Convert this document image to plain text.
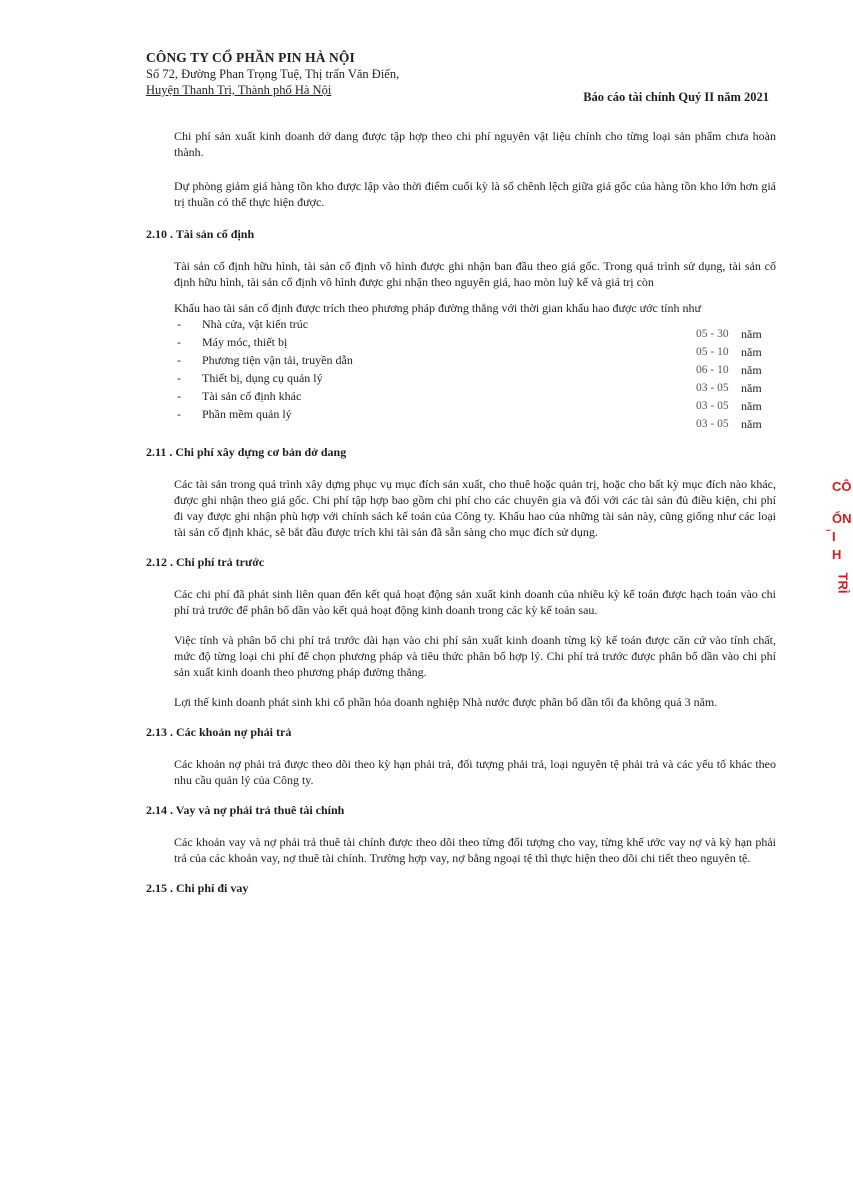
CÔNG TY CỔ PHẦN PIN HÀ NỘI
Số 72, Đường Phan Trọng Tuệ, Thị trấn Văn Điển,
Huyện Thanh Trì, Thành phố Hà Nội	Báo cáo tài chính Quý II năm 2021

Chi phí sản xuất kinh doanh dở dang được tập hợp theo chi phí nguyên vật liệu chính cho từng loại sản phẩm chưa hoàn thành.

Dự phòng giảm giá hàng tồn kho được lập vào thời điểm cuối kỳ là số chênh lệch giữa giá gốc của hàng tồn kho lớn hơn giá trị thuần có thể thực hiện được.

2.10 . Tài sản cố định

Tài sản cố định hữu hình, tài sản cố định vô hình được ghi nhận ban đầu theo giá gốc. Trong quá trình sử dụng, tài sản cố định hữu hình, tài sản cố định vô hình được ghi nhận theo nguyên giá, hao mòn luỹ kế và giá trị còn

Khấu hao tài sản cố định được trích theo phương pháp đường thẳng với thời gian khấu hao được ước tính như

- Nhà cửa, vật kiến trúc
05 - 30 năm
- Máy móc, thiết bị
05 - 10 năm
- Phương tiện vận tải, truyền dẫn
06 - 10 năm
- Thiết bị, dụng cụ quản lý
03 - 05 năm
- Tài sản cố định khác
03 - 05 năm
- Phần mềm quản lý
03 - 05 năm

2.11 . Chi phí xây dựng cơ bản dở dang

Các tài sản trong quá trình xây dựng phục vụ mục đích sản xuất, cho thuê hoặc quản trị, hoặc cho bất kỳ mục đích nào khác, được ghi nhận theo giá gốc. Chi phí tập hợp bao gồm chi phí cho các chuyên gia và đối với các tài sản đủ điều kiện, chi phí đi vay được ghi nhận phù hợp với chính sách kế toán của Công ty. Khấu hao của những tài sản này, cũng giống như các loại tài sản cố định khác, sẽ bắt đầu được trích khi tài sản đã sẵn sàng cho mục đích sử dụng.

2.12 . Chi phí trả trước

Các chi phí đã phát sinh liên quan đến kết quả hoạt động sản xuất kinh doanh của nhiều kỳ kế toán được hạch toán vào chi phí trả trước để phân bổ dần vào kết quả hoạt động kinh doanh trong các kỳ kế toán sau.

Việc tính và phân bổ chi phí trả trước dài hạn vào chi phí sản xuất kinh doanh từng kỳ kế toán được căn cứ vào tính chất, mức độ từng loại chi phí để chọn phương pháp và tiêu thức phân bổ hợp lý. Chi phí trả trước được phân bổ dần vào chi phí sản xuất kinh doanh theo phương pháp đường thẳng.

Lợi thế kinh doanh phát sinh khi cổ phần hóa doanh nghiệp Nhà nước được phân bổ dần tối đa không quá 3 năm.

2.13 . Các khoản nợ phải trả

Các khoản nợ phải trả được theo dõi theo kỳ hạn phải trả, đối tượng phải trả, loại nguyên tệ phải trả và các yếu tố khác theo nhu cầu quản lý của Công ty.

2.14 . Vay và nợ phải trả thuê tài chính

Các khoản vay và nợ phải trả thuê tài chính được theo dõi theo từng đối tượng cho vay, từng khế ước vay nợ và kỳ hạn phải trả của các khoản vay, nợ thuê tài chính. Trường hợp vay, nợ bằng ngoại tệ thì thực hiện theo dõi chi tiết theo nguyên tệ.

2.15 . Chi phí đi vay

CÔ
ỔN
̃I
H
TRÌ
